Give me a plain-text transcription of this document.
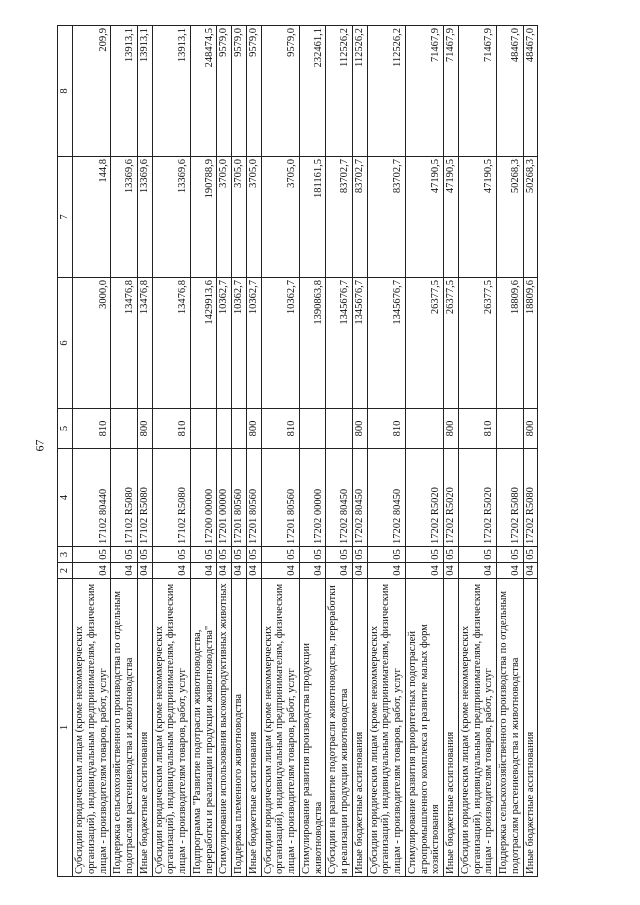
67
1	2	3	4	5	6	7	8
Субсидии юридическим лицам (кроме некоммерческих организаций), индивидуальным предпринимателям, физическим лицам - производителям товаров, работ, услуг	04	05	17102 80440	810	3000,0	144,8	209,9
Поддержка сельскохозяйственного производства по отдельным подотраслям растениеводства и животноводства	04	05	17102 R5080		13476,8	13369,6	13913,1
Иные бюджетные ассигнования	04	05	17102 R5080	800	13476,8	13369,6	13913,1
Субсидии юридическим лицам (кроме некоммерческих организаций), индивидуальным предпринимателям, физическим лицам - производителям товаров, работ, услуг	04	05	17102 R5080	810	13476,8	13369,6	13913,1
Подпрограмма "Развитие подотрасли животноводства, переработки и реализации продукции животноводства"	04	05	17200 00000		1429913,6	190788,9	248474,5
Стимулирование использования высокопродуктивных животных	04	05	17201 00000		10362,7	3705,0	9579,0
Поддержка племенного животноводства	04	05	17201 80560		10362,7	3705,0	9579,0
Иные бюджетные ассигнования	04	05	17201 80560	800	10362,7	3705,0	9579,0
Субсидии юридическим лицам (кроме некоммерческих организаций), индивидуальным предпринимателям, физическим лицам - производителям товаров, работ, услуг	04	05	17201 80560	810	10362,7	3705,0	9579,0
Стимулирование развития производства продукции животноводства	04	05	17202 00000		1390863,8	181161,5	232461,1
Субсидии на развитие подотрасли животноводства, переработки и реализации продукции животноводства	04	05	17202 80450		1345676,7	83702,7	112526,2
Иные бюджетные ассигнования	04	05	17202 80450	800	1345676,7	83702,7	112526,2
Субсидии юридическим лицам (кроме некоммерческих организаций), индивидуальным предпринимателям, физическим лицам - производителям товаров, работ, услуг	04	05	17202 80450	810	1345676,7	83702,7	112526,2
Стимулирование развития приоритетных подотраслей агропромышленного комплекса и развитие малых форм хозяйствования	04	05	17202 R5020		26377,5	47190,5	71467,9
Иные бюджетные ассигнования	04	05	17202 R5020	800	26377,5	47190,5	71467,9
Субсидии юридическим лицам (кроме некоммерческих организаций), индивидуальным предпринимателям, физическим лицам - производителям товаров, работ, услуг	04	05	17202 R5020	810	26377,5	47190,5	71467,9
Поддержка сельскохозяйственного производства по отдельным подотраслям растениеводства и животноводства	04	05	17202 R5080		18809,6	50268,3	48467,0
Иные бюджетные ассигнования	04	05	17202 R5080	800	18809,6	50268,3	48467,0
